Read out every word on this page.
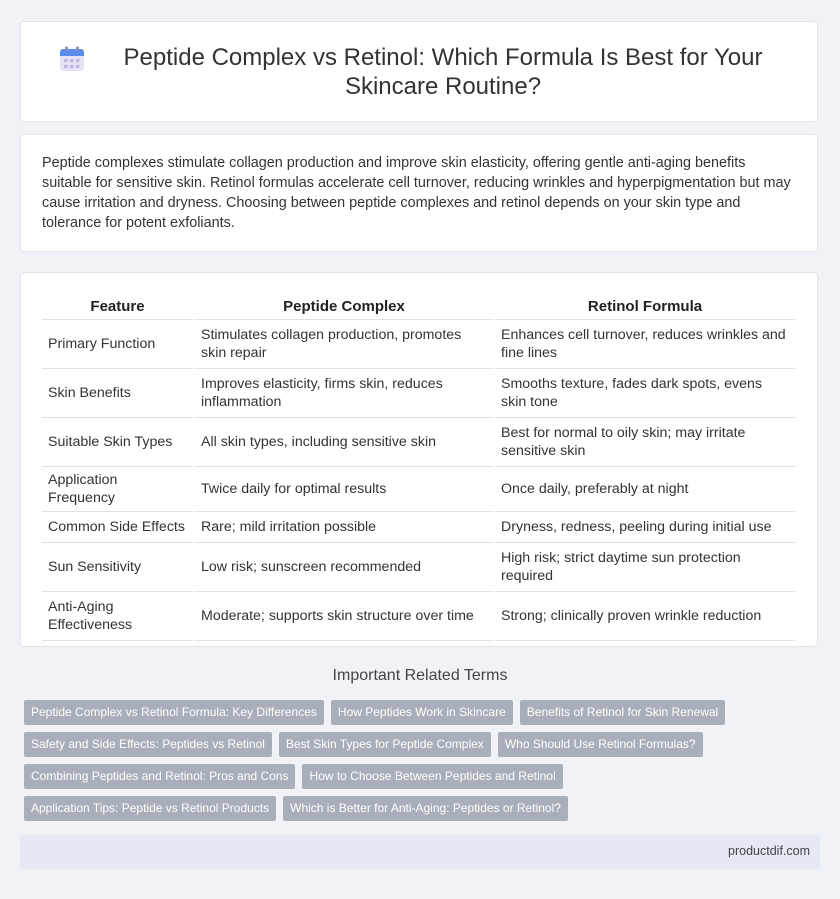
Peptide Complex vs Retinol: Which Formula Is Best for Your Skincare Routine?

Peptide complexes stimulate collagen production and improve skin elasticity, offering gentle anti-aging benefits suitable for sensitive skin. Retinol formulas accelerate cell turnover, reducing wrinkles and hyperpigmentation but may cause irritation and dryness. Choosing between peptide complexes and retinol depends on your skin type and tolerance for potent exfoliants.

Feature	Peptide Complex	Retinol Formula
Primary Function	Stimulates collagen production, promotes skin repair	Enhances cell turnover, reduces wrinkles and fine lines
Skin Benefits	Improves elasticity, firms skin, reduces inflammation	Smooths texture, fades dark spots, evens skin tone
Suitable Skin Types	All skin types, including sensitive skin	Best for normal to oily skin; may irritate sensitive skin
Application Frequency	Twice daily for optimal results	Once daily, preferably at night
Common Side Effects	Rare; mild irritation possible	Dryness, redness, peeling during initial use
Sun Sensitivity	Low risk; sunscreen recommended	High risk; strict daytime sun protection required
Anti-Aging Effectiveness	Moderate; supports skin structure over time	Strong; clinically proven wrinkle reduction
Important Related Terms
Peptide Complex vs Retinol Formula: Key Differences	How Peptides Work in Skincare	Benefits of Retinol for Skin Renewal
Safety and Side Effects: Peptides vs Retinol	Best Skin Types for Peptide Complex	Who Should Use Retinol Formulas?
Combining Peptides and Retinol: Pros and Cons	How to Choose Between Peptides and Retinol
Application Tips: Peptide vs Retinol Products	Which is Better for Anti-Aging: Peptides or Retinol?
productdif.com
